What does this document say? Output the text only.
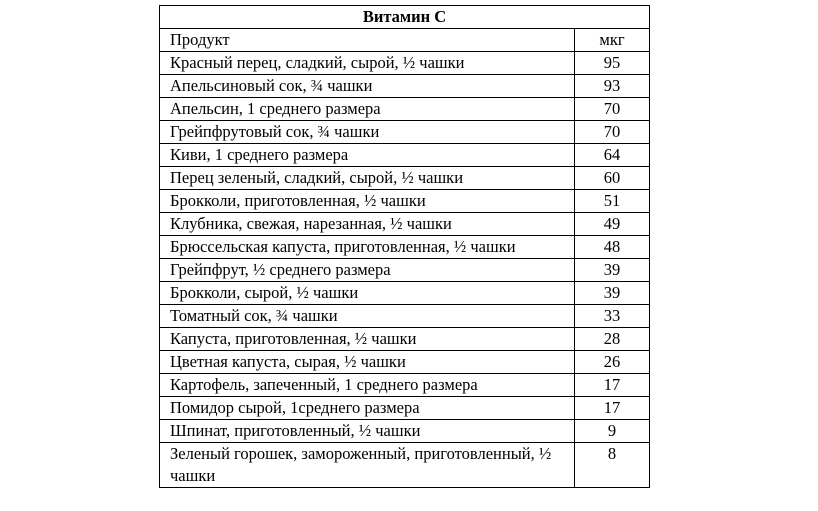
Витамин С	
Продукт	мкг
Красный перец, сладкий, сырой, ½ чашки	95
Апельсиновый сок, ¾ чашки	93
Апельсин, 1 среднего размера	70
Грейпфрутовый сок, ¾ чашки	70
Киви, 1 среднего размера	64
Перец зеленый, сладкий, сырой, ½ чашки	60
Брокколи, приготовленная, ½ чашки	51
Клубника, свежая, нарезанная, ½ чашки	49
Брюссельская капуста, приготовленная, ½ чашки	48
Грейпфрут, ½ среднего размера	39
Брокколи, сырой, ½ чашки	39
Томатный сок, ¾ чашки	33
Капуста, приготовленная, ½ чашки	28
Цветная капуста, сырая, ½ чашки	26
Картофель, запеченный, 1 среднего размера	17
Помидор сырой, 1среднего размера	17
Шпинат, приготовленный, ½ чашки	9
Зеленый горошек, замороженный, приготовленный, ½ чашки	8
